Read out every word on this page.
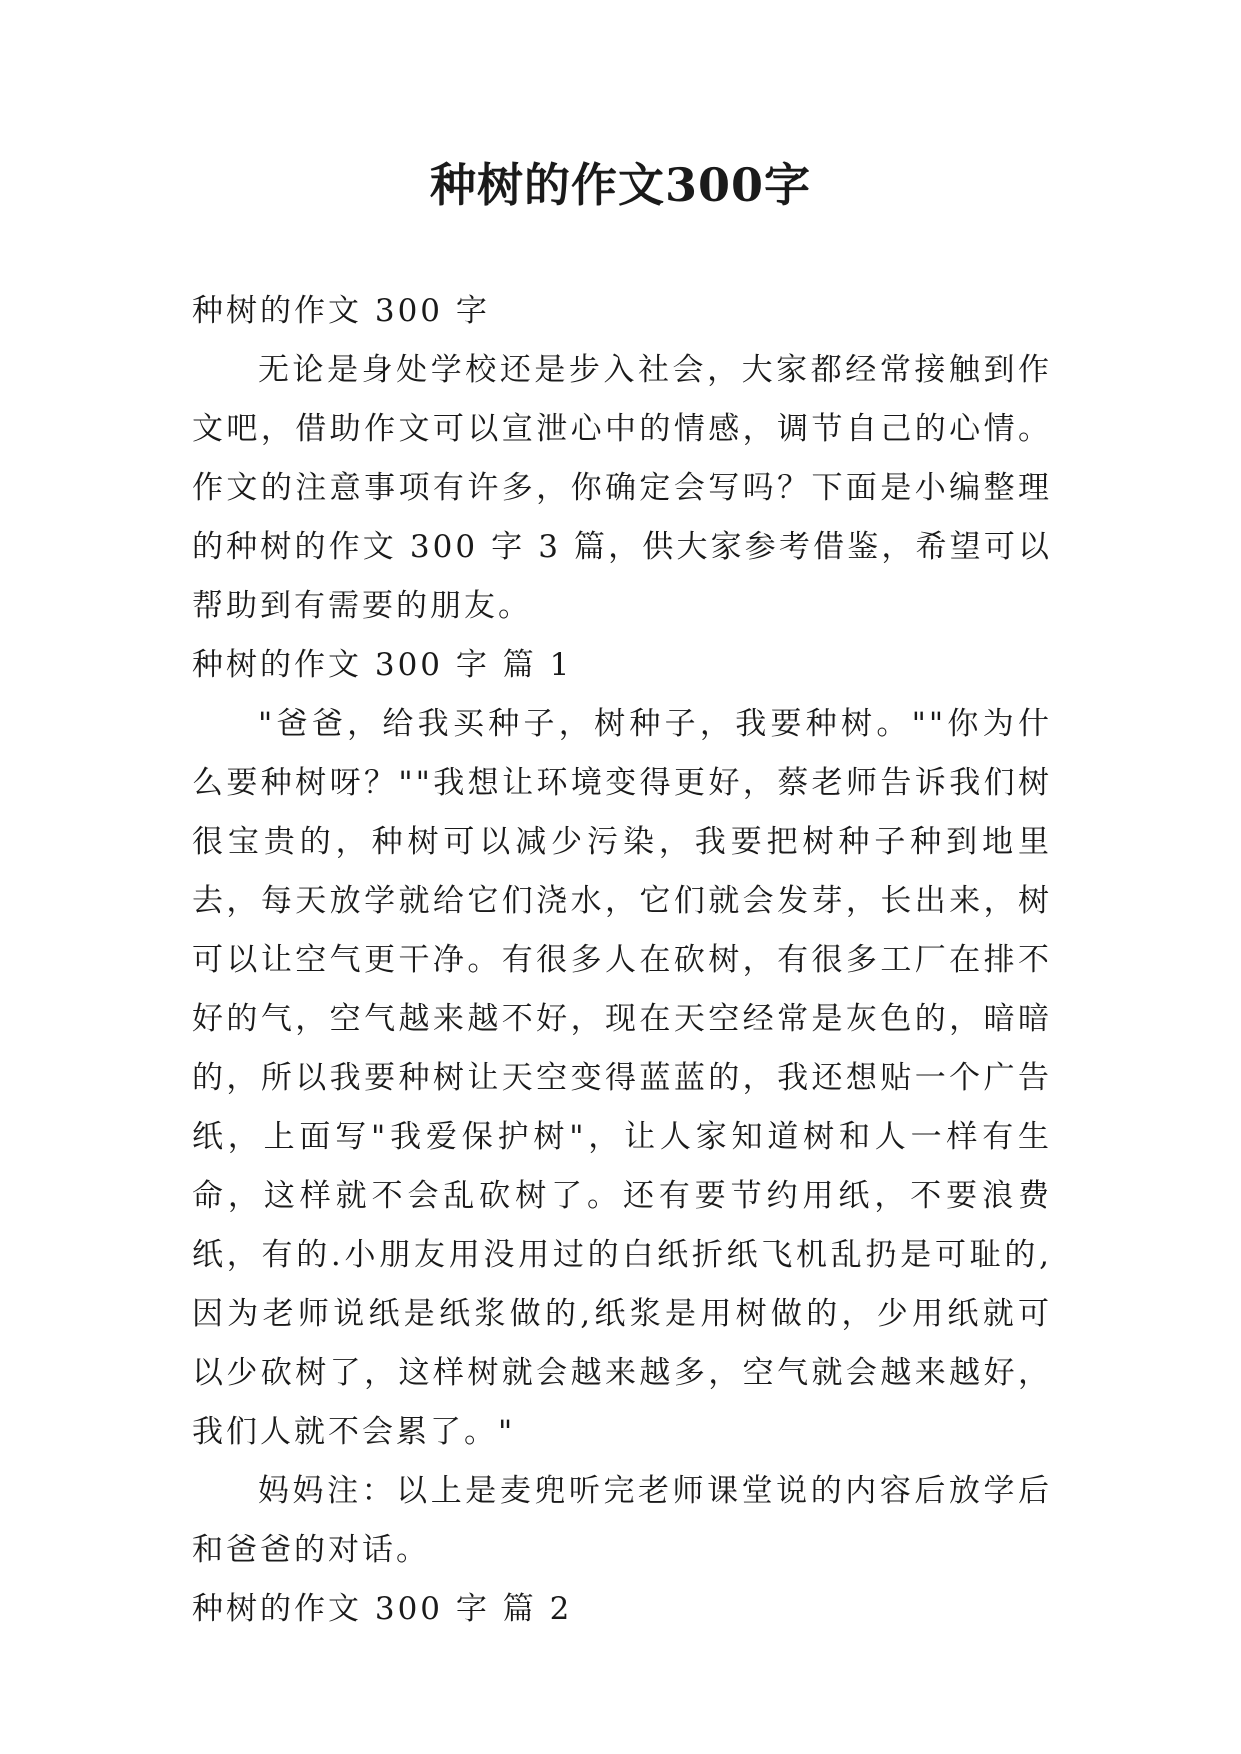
种树的作文300字

种树的作文 300 字

无论是身处学校还是步入社会，大家都经常接触到作文吧，借助作文可以宣泄心中的情感，调节自己的心情。作文的注意事项有许多，你确定会写吗？下面是小编整理的种树的作文 300 字 3 篇，供大家参考借鉴，希望可以帮助到有需要的朋友。

种树的作文 300 字 篇 1

"爸爸，给我买种子，树种子，我要种树。""你为什么要种树呀？""我想让环境变得更好，蔡老师告诉我们树很宝贵的，种树可以减少污染，我要把树种子种到地里去，每天放学就给它们浇水，它们就会发芽，长出来，树可以让空气更干净。有很多人在砍树，有很多工厂在排不好的气，空气越来越不好，现在天空经常是灰色的，暗暗的，所以我要种树让天空变得蓝蓝的，我还想贴一个广告纸，上面写"我爱保护树"，让人家知道树和人一样有生命，这样就不会乱砍树了。还有要节约用纸，不要浪费纸，有的.小朋友用没用过的白纸折纸飞机乱扔是可耻的,因为老师说纸是纸浆做的,纸浆是用树做的，少用纸就可以少砍树了，这样树就会越来越多，空气就会越来越好，我们人就不会累了。"

妈妈注：以上是麦兜听完老师课堂说的内容后放学后和爸爸的对话。

种树的作文 300 字 篇 2
